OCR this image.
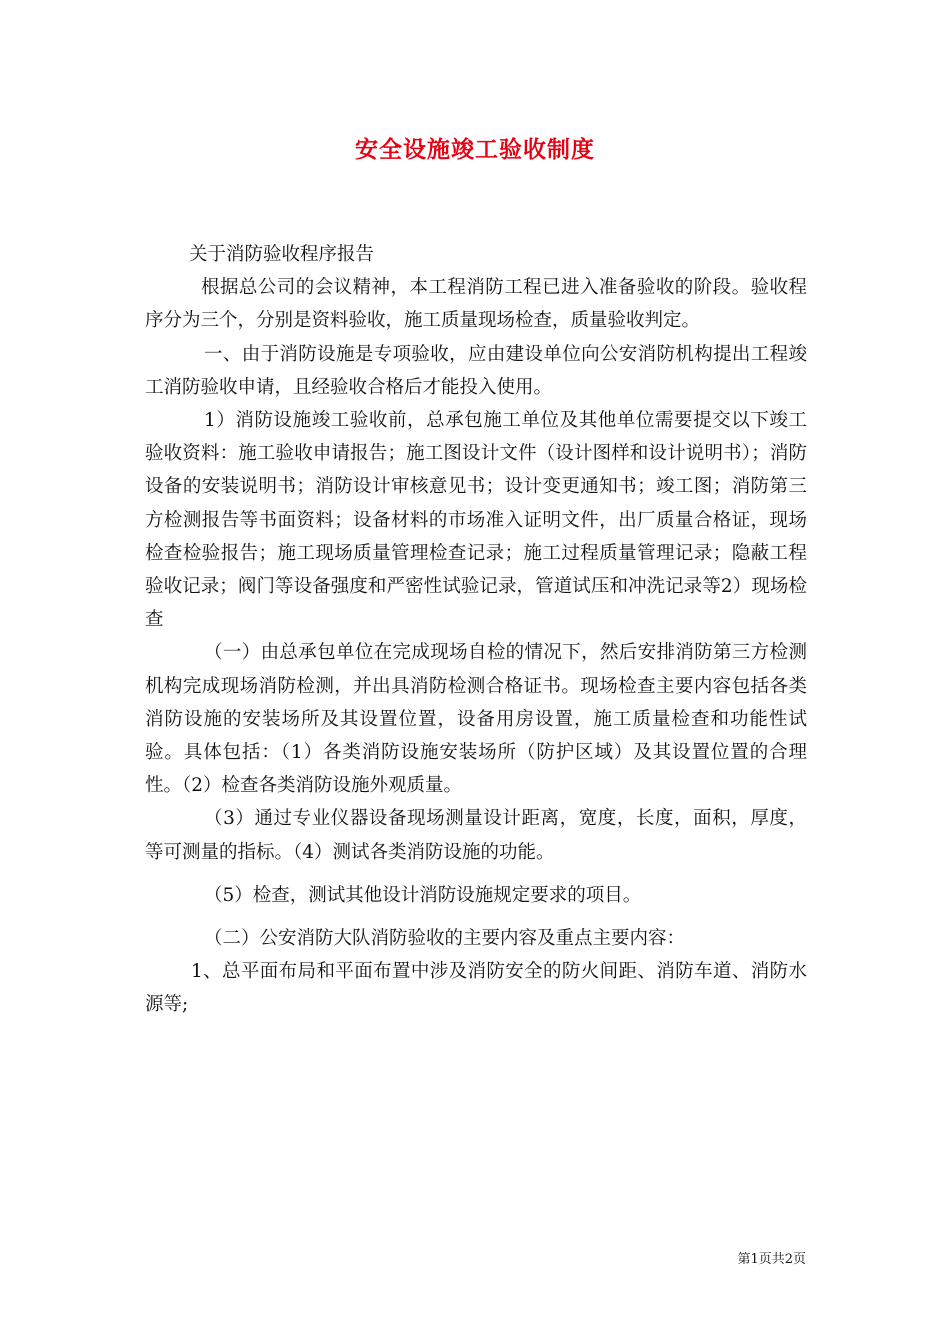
安全设施竣工验收制度

关于消防验收程序报告

根据总公司的会议精神，本工程消防工程已进入准备验收的阶段。验收程序分为三个，分别是资料验收，施工质量现场检查，质量验收判定。

一、由于消防设施是专项验收，应由建设单位向公安消防机构提出工程竣工消防验收申请，且经验收合格后才能投入使用。

1）消防设施竣工验收前，总承包施工单位及其他单位需要提交以下竣工验收资料：施工验收申请报告；施工图设计文件（设计图样和设计说明书）；消防设备的安装说明书；消防设计审核意见书；设计变更通知书；竣工图；消防第三方检测报告等书面资料；设备材料的市场准入证明文件，出厂质量合格证，现场检查检验报告；施工现场质量管理检查记录；施工过程质量管理记录；隐蔽工程验收记录；阀门等设备强度和严密性试验记录，管道试压和冲洗记录等2）现场检查

（一）由总承包单位在完成现场自检的情况下，然后安排消防第三方检测机构完成现场消防检测，并出具消防检测合格证书。现场检查主要内容包括各类消防设施的安装场所及其设置位置，设备用房设置，施工质量检查和功能性试验。具体包括：（1）各类消防设施安装场所（防护区域）及其设置位置的合理性。（2）检查各类消防设施外观质量。

（3）通过专业仪器设备现场测量设计距离，宽度，长度，面积，厚度，等可测量的指标。（4）测试各类消防设施的功能。

（5）检查，测试其他设计消防设施规定要求的项目。

（二）公安消防大队消防验收的主要内容及重点主要内容：

1、总平面布局和平面布置中涉及消防安全的防火间距、消防车道、消防水源等;

第1页共2页
